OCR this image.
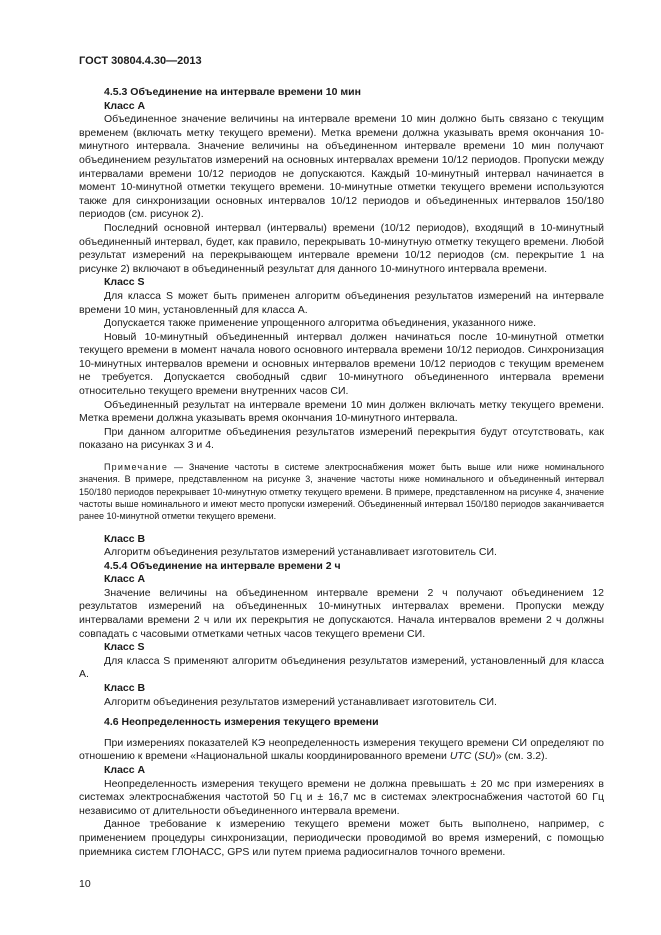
ГОСТ 30804.4.30—2013

4.5.3 Объединение на интервале времени 10 мин
Класс А

Объединенное значение величины на интервале времени 10 мин должно быть связано с текущим временем (включать метку текущего времени). Метка времени должна указывать время окончания 10-минутного интервала. Значение величины на объединенном интервале времени 10 мин получают объединением результатов измерений на основных интервалах времени 10/12 периодов. Пропуски между интервалами времени 10/12 периодов не допускаются. Каждый 10-минутный интервал начинается в момент 10-минутной отметки текущего времени. 10-минутные отметки текущего времени используются также для синхронизации основных интервалов 10/12 периодов и объединенных интервалов 150/180 периодов (см. рисунок 2).

Последний основной интервал (интервалы) времени (10/12 периодов), входящий в 10-минутный объединенный интервал, будет, как правило, перекрывать 10-минутную отметку текущего времени. Любой результат измерений на перекрывающем интервале времени 10/12 периодов (см. перекрытие 1 на рисунке 2) включают в объединенный результат для данного 10-минутного интервала времени.

Класс S

Для класса S может быть применен алгоритм объединения результатов измерений на интервале времени 10 мин, установленный для класса А.

Допускается также применение упрощенного алгоритма объединения, указанного ниже.

Новый 10-минутный объединенный интервал должен начинаться после 10-минутной отметки текущего времени в момент начала нового основного интервала времени 10/12 периодов. Синхронизация 10-минутных интервалов времени и основных интервалов времени 10/12 периодов с текущим временем не требуется. Допускается свободный сдвиг 10-минутного объединенного интервала времени относительно текущего времени внутренних часов СИ.

Объединенный результат на интервале времени 10 мин должен включать метку текущего времени. Метка времени должна указывать время окончания 10-минутного интервала.

При данном алгоритме объединения результатов измерений перекрытия будут отсутствовать, как показано на рисунках 3 и 4.

Примечание — Значение частоты в системе электроснабжения может быть выше или ниже номинального значения. В примере, представленном на рисунке 3, значение частоты ниже номинального и объединенный интервал 150/180 периодов перекрывает 10-минутную отметку текущего времени. В примере, представленном на рисунке 4, значение частоты выше номинального и имеют место пропуски измерений. Объединенный интервал 150/180 периодов заканчивается ранее 10-минутной отметки текущего времени.

Класс В

Алгоритм объединения результатов измерений устанавливает изготовитель СИ.

4.5.4 Объединение на интервале времени 2 ч
Класс А

Значение величины на объединенном интервале времени 2 ч получают объединением 12 результатов измерений на объединенных 10-минутных интервалах времени. Пропуски между интервалами времени 2 ч или их перекрытия не допускаются. Начала интервалов времени 2 ч должны совпадать с часовыми отметками четных часов текущего времени СИ.

Класс S

Для класса S применяют алгоритм объединения результатов измерений, установленный для класса А.

Класс В

Алгоритм объединения результатов измерений устанавливает изготовитель СИ.

4.6 Неопределенность измерения текущего времени

При измерениях показателей КЭ неопределенность измерения текущего времени СИ определяют по отношению к времени «Национальной шкалы координированного времени UTC (SU)» (см. 3.2).

Класс А

Неопределенность измерения текущего времени не должна превышать ± 20 мс при измерениях в системах электроснабжения частотой 50 Гц и ± 16,7 мс в системах электроснабжения частотой 60 Гц независимо от длительности объединенного интервала времени.

Данное требование к измерению текущего времени может быть выполнено, например, с применением процедуры синхронизации, периодически проводимой во время измерений, с помощью приемника систем ГЛОНАСС, GPS или путем приема радиосигналов точного времени.

10
